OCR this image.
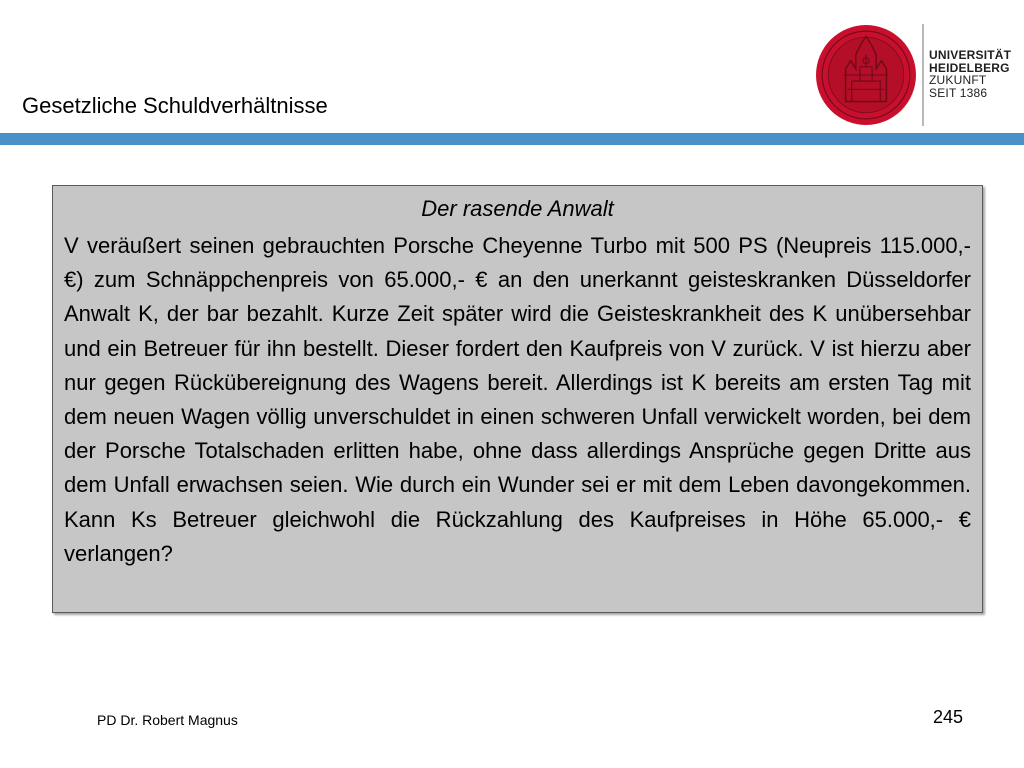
Gesetzliche Schuldverhältnisse
UNIVERSITÄT
HEIDELBERG
ZUKUNFT
SEIT 1386
Der rasende Anwalt

V veräußert seinen gebrauchten Porsche Cheyenne Turbo mit 500 PS (Neupreis 115.000,- €) zum Schnäppchenpreis von 65.000,- € an den unerkannt geisteskranken Düsseldorfer Anwalt K, der bar bezahlt. Kurze Zeit später wird die Geisteskrankheit des K unübersehbar und ein Betreuer für ihn bestellt. Dieser fordert den Kaufpreis von V zurück. V ist hierzu aber nur gegen Rückübereignung des Wagens bereit. Allerdings ist K bereits am ersten Tag mit dem neuen Wagen völlig unverschuldet in einen schweren Unfall verwickelt worden, bei dem der Porsche Totalschaden erlitten habe, ohne dass allerdings Ansprüche gegen Dritte aus dem Unfall erwachsen seien. Wie durch ein Wunder sei er mit dem Leben davongekommen. Kann Ks Betreuer gleichwohl die Rückzahlung des Kaufpreises in Höhe 65.000,- € verlangen?

PD Dr. Robert Magnus	245
